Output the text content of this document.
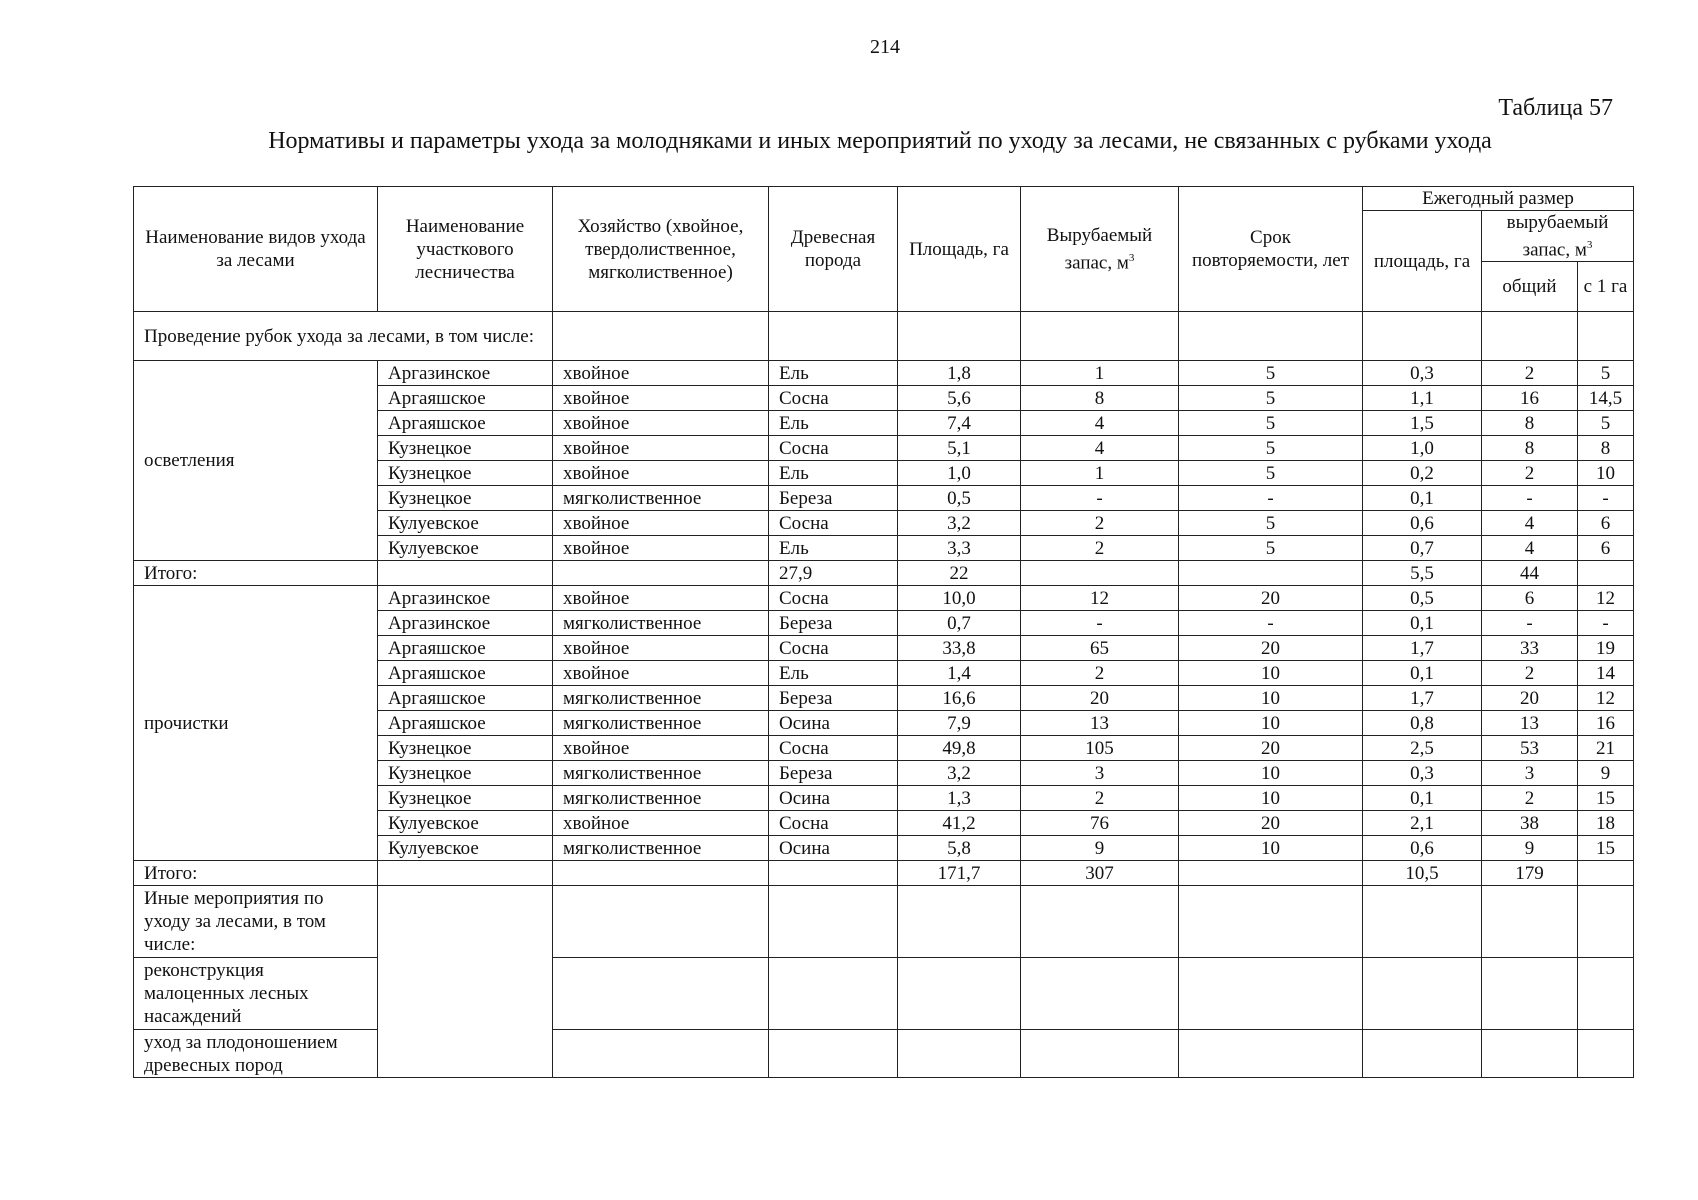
214
Таблица 57
Нормативы и параметры ухода за молодняками и иных мероприятий по уходу за лесами, не связанных с рубками ухода
Наименование видов ухода за лесами	Наименование участкового лесничества	Хозяйство (хвойное, твердолиственное, мягколиственное)	Древесная порода	Площадь, га	Вырубаемый запас, $м^3$	Срок повторяемости, лет	Ежегодный размер		
							площадь, га	вырубаемый запас, $м^3$
								общий	с 1 га
Проведение рубок ухода за лесами, в том числе:									
осветления	Аргазинское	хвойное	Ель	1,8	1	5	0,3	2	5
	Аргаяшское	хвойное	Сосна	5,6	8	5	1,1	16	14,5
	Аргаяшское	хвойное	Ель	7,4	4	5	1,5	8	5
	Кузнецкое	хвойное	Сосна	5,1	4	5	1,0	8	8
	Кузнецкое	хвойное	Ель	1,0	1	5	0,2	2	10
	Кузнецкое	мягколиственное	Береза	0,5	-	-	0,1	-	-
	Кулуевское	хвойное	Сосна	3,2	2	5	0,6	4	6
	Кулуевское	хвойное	Ель	3,3	2	5	0,7	4	6
Итого:			27,9	22			5,5	44	
прочистки	Аргазинское	хвойное	Сосна	10,0	12	20	0,5	6	12
	Аргазинское	мягколиственное	Береза	0,7	-	-	0,1	-	-
	Аргаяшское	хвойное	Сосна	33,8	65	20	1,7	33	19
	Аргаяшское	хвойное	Ель	1,4	2	10	0,1	2	14
	Аргаяшское	мягколиственное	Береза	16,6	20	10	1,7	20	12
	Аргаяшское	мягколиственное	Осина	7,9	13	10	0,8	13	16
	Кузнецкое	хвойное	Сосна	49,8	105	20	2,5	53	21
	Кузнецкое	мягколиственное	Береза	3,2	3	10	0,3	3	9
	Кузнецкое	мягколиственное	Осина	1,3	2	10	0,1	2	15
	Кулуевское	хвойное	Сосна	41,2	76	20	2,1	38	18
	Кулуевское	мягколиственное	Осина	5,8	9	10	0,6	9	15
Итого:				171,7	307		10,5	179	
Иные мероприятия по уходу за лесами, в том числе:									
реконструкция малоценных лесных насаждений									
уход за плодоношением древесных пород									
